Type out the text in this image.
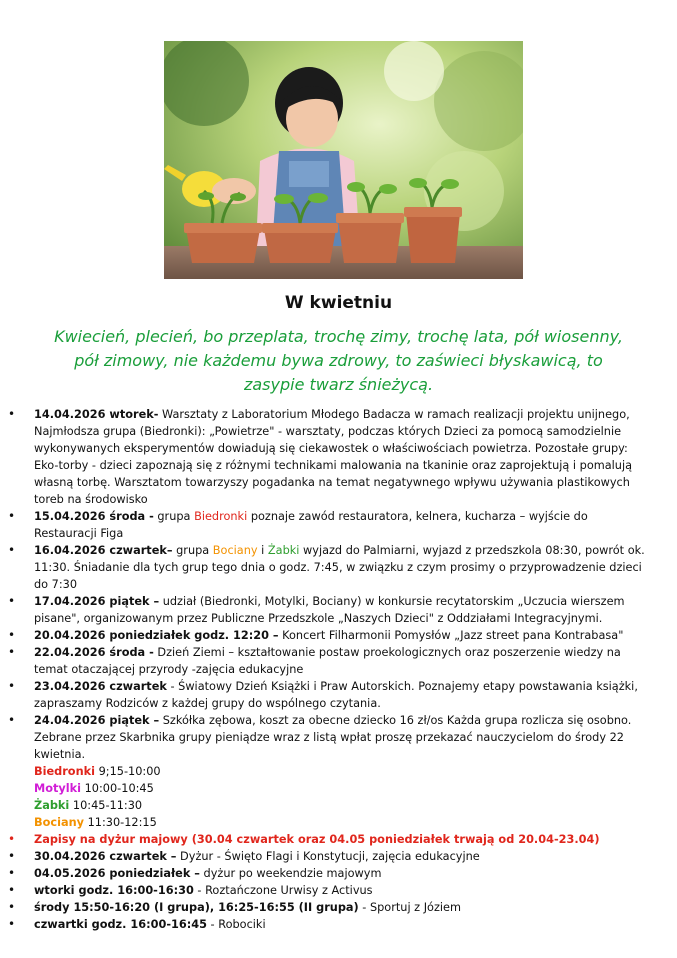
W kwietniu
Kwiecień, plecień, bo przeplata, trochę zimy, trochę lata, pół wiosenny, pół zimowy, nie każdemu bywa zdrowy, to zaświeci błyskawicą, to zasypie twarz śnieżycą.
• 14.04.2026 wtorek- Warsztaty z Laboratorium Młodego Badacza w ramach realizacji projektu unijnego, Najmłodsza grupa (Biedronki): „Powietrze" - warsztaty, podczas których Dzieci za pomocą samodzielnie wykonywanych eksperymentów dowiadują się ciekawostek o właściwościach powietrza. Pozostałe grupy: Eko-torby - dzieci zapoznają się z różnymi technikami malowania na tkaninie oraz zaprojektują i pomalują własną torbę. Warsztatom towarzyszy pogadanka na temat negatywnego wpływu używania plastikowych toreb na środowisko
• 15.04.2026 środa - grupa Biedronki poznaje zawód restauratora, kelnera, kucharza – wyjście do Restauracji Figa
• 16.04.2026 czwartek– grupa Bociany i Żabki wyjazd do Palmiarni, wyjazd z przedszkola 08:30, powrót ok. 11:30. Śniadanie dla tych grup tego dnia o godz. 7:45, w związku z czym prosimy o przyprowadzenie dzieci do 7:30
• 17.04.2026 piątek – udział (Biedronki, Motylki, Bociany) w konkursie recytatorskim „Uczucia wierszem pisane", organizowanym przez Publiczne Przedszkole „Naszych Dzieci" z Oddziałami Integracyjnymi.
• 20.04.2026 poniedziałek godz. 12:20 – Koncert Filharmonii Pomysłów „Jazz street pana Kontrabasa"
• 22.04.2026 środa - Dzień Ziemi – kształtowanie postaw proekologicznych oraz poszerzenie wiedzy na temat otaczającej przyrody -zajęcia edukacyjne
• 23.04.2026 czwartek - Światowy Dzień Książki i Praw Autorskich. Poznajemy etapy powstawania książki, zapraszamy Rodziców z każdej grupy do wspólnego czytania.
• 24.04.2026 piątek – Szkółka zębowa, koszt za obecne dziecko 16 zł/os Każda grupa rozlicza się osobno. Zebrane przez Skarbnika grupy pieniądze wraz z listą wpłat proszę przekazać nauczycielom do środy 22 kwietnia.
Biedronki 9;15-10:00
Motylki 10:00-10:45
Żabki 10:45-11:30
Bociany 11:30-12:15
• Zapisy na dyżur majowy (30.04 czwartek oraz 04.05 poniedziałek trwają od 20.04-23.04)
• 30.04.2026 czwartek – Dyżur - Święto Flagi i Konstytucji, zajęcia edukacyjne
• 04.05.2026 poniedziałek – dyżur po weekendzie majowym
• wtorki godz. 16:00-16:30 - Roztańczone Urwisy z Activus
• środy 15:50-16:20 (I grupa), 16:25-16:55 (II grupa) - Sportuj z Józiem
• czwartki godz. 16:00-16:45 - Robociki
